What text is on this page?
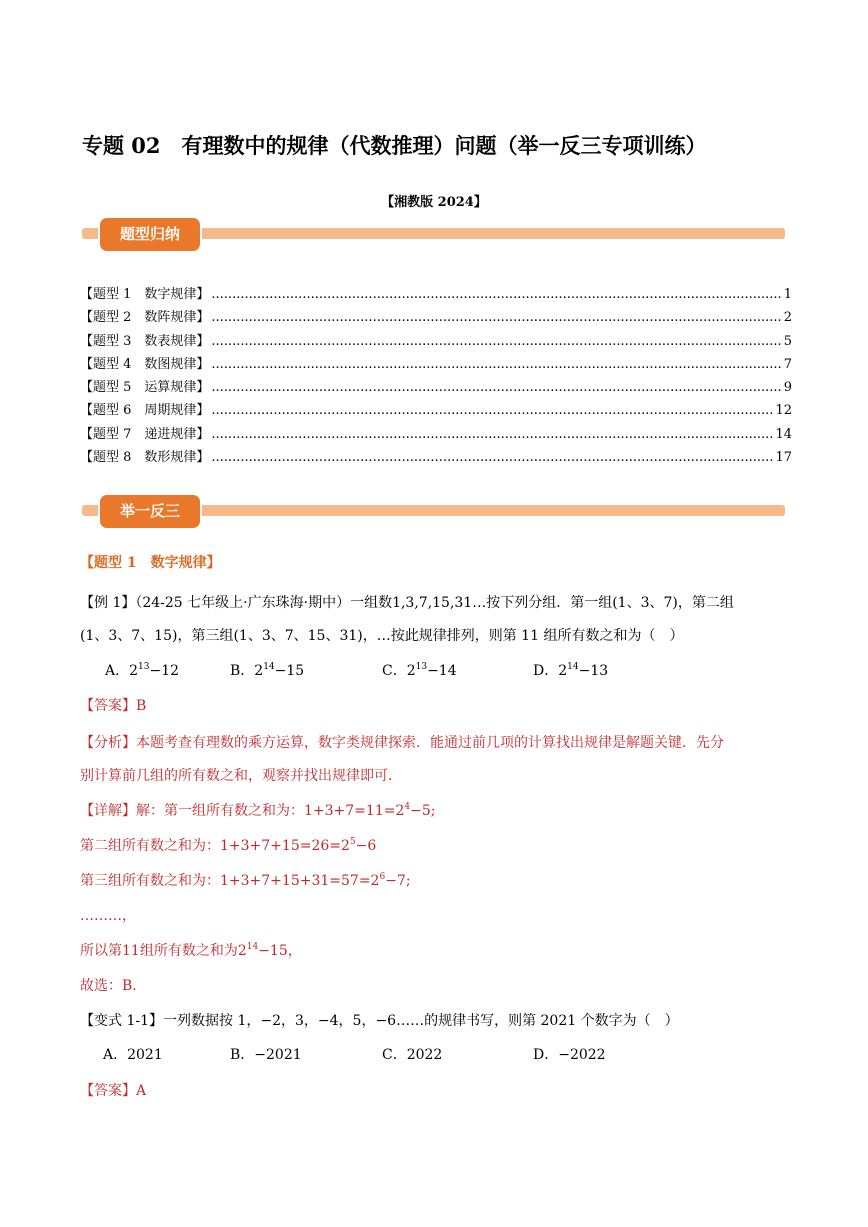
专题 02　有理数中的规律（代数推理）问题（举一反三专项训练）
【湘教版 2024】
题型归纳
【题型 1　数字规律】 .....	1
【题型 2　数阵规律】 .....	2
【题型 3　数表规律】 .....	5
【题型 4　数图规律】 .....	7
【题型 5　运算规律】 .....	9
【题型 6　周期规律】 .....	12
【题型 7　递进规律】 .....	14
【题型 8　数形规律】 .....	17
举一反三
【题型 1　数字规律】
【例 1】（24-25 七年级上·广东珠海·期中）一组数1,3,7,15,31…按下列分组．第一组(1、3、7)，第二组
(1、3、7、15)，第三组(1、3、7、15、31)，…按此规律排列，则第 11 组所有数之和为（　）
A．$2^{13}-12$	B．$2^{14}-15$	C．$2^{13}-14$	D．$2^{14}-13$
【答案】B
【分析】本题考查有理数的乘方运算，数字类规律探索．能通过前几项的计算找出规律是解题关键．先分
别计算前几组的所有数之和，观察并找出规律即可．
【详解】解：第一组所有数之和为：$1+3+7=11=2^4-5$;
第二组所有数之和为：$1+3+7+15=26=2^5-6$
第三组所有数之和为：$1+3+7+15+31=57=2^6-7$;
………，
所以第11组所有数之和为$2^{14}-15$，
故选：B．
【变式 1-1】一列数据按 1，−2，3，−4，5，−6……的规律书写，则第 2021 个数字为（　）
A．2021	B．−2021	C．2022	D．−2022
【答案】A
